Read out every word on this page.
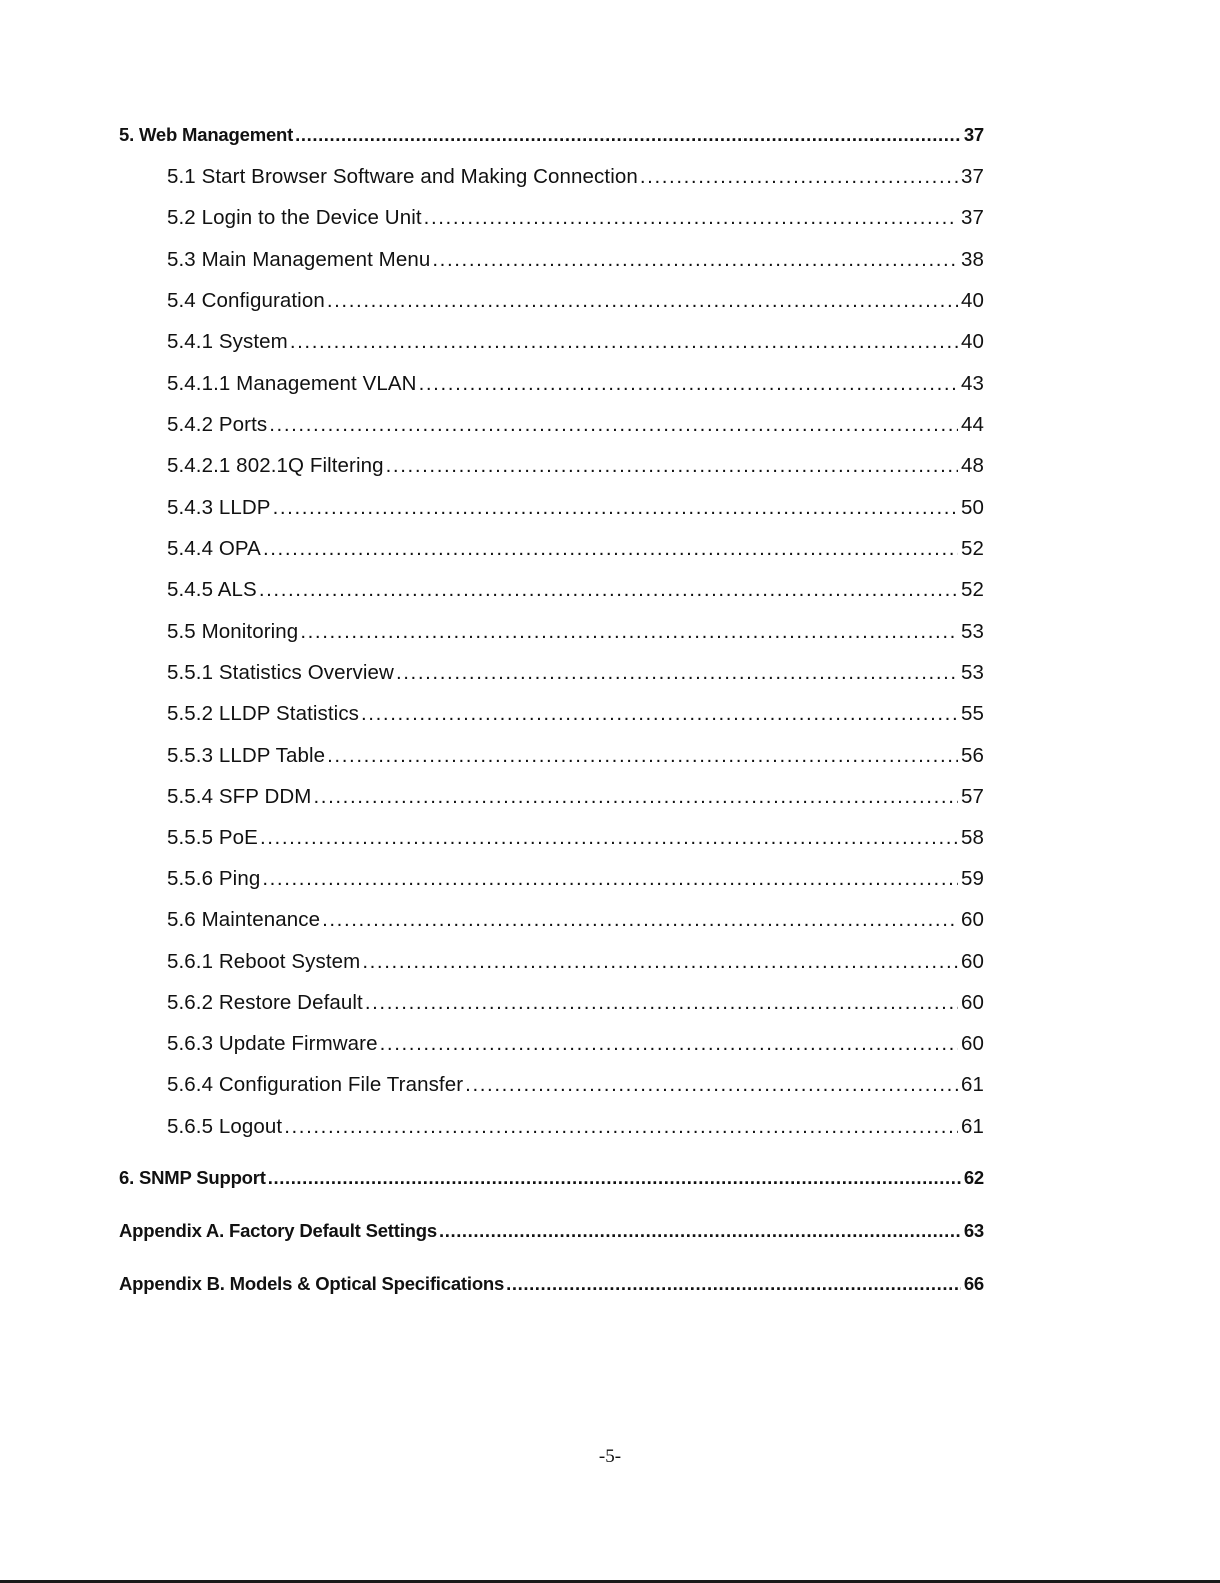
5. Web Management .....	37
5.1 Start Browser Software and Making Connection .....	37
5.2 Login to the Device Unit .....	37
5.3 Main Management Menu .....	38
5.4 Configuration .....	40
5.4.1 System .....	40
5.4.1.1 Management VLAN .....	43
5.4.2 Ports .....	44
5.4.2.1 802.1Q Filtering .....	48
5.4.3 LLDP .....	50
5.4.4 OPA .....	52
5.4.5 ALS .....	52
5.5 Monitoring .....	53
5.5.1 Statistics Overview .....	53
5.5.2 LLDP Statistics .....	55
5.5.3 LLDP Table .....	56
5.5.4 SFP DDM .....	57
5.5.5 PoE .....	58
5.5.6 Ping .....	59
5.6 Maintenance .....	60
5.6.1 Reboot System .....	60
5.6.2 Restore Default .....	60
5.6.3 Update Firmware .....	60
5.6.4 Configuration File Transfer .....	61
5.6.5 Logout .....	61
6. SNMP Support .....	62
Appendix A. Factory Default Settings .....	63
Appendix B. Models & Optical Specifications .....	66
-5-
